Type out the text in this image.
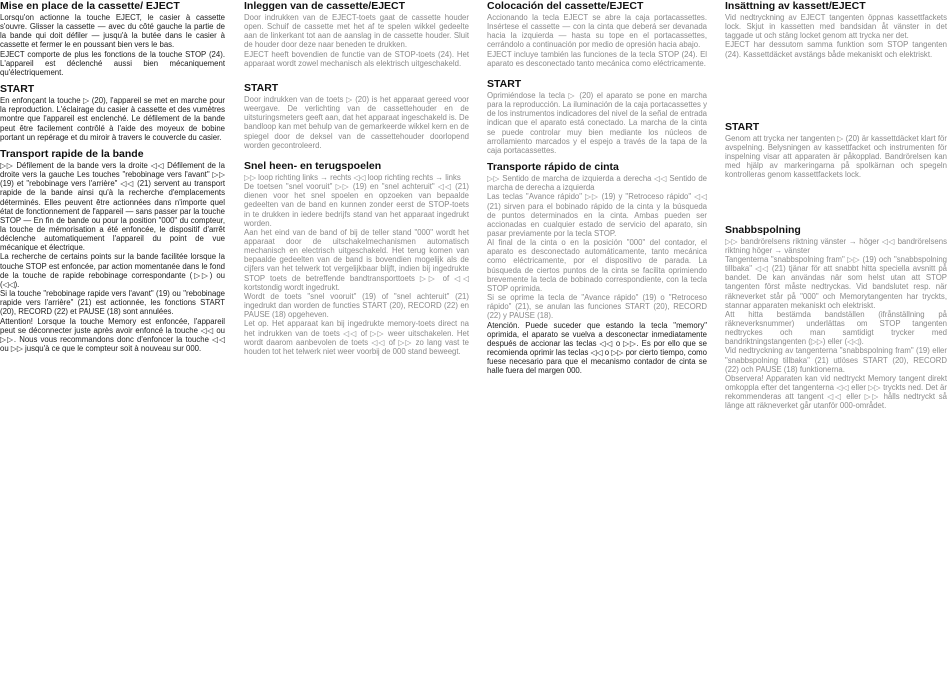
Mise en place de la cassette/ EJECT

Lorsqu'on actionne la touche EJECT, le casier à cassette s'ouvre. Glisser la cassette — avec du côté gauche la partie de la bande qui doit défiler — jusqu'à la butée dans le casier à cassette et fermer le en poussant bien vers le bas.

EJECT comporte de plus les fonctions de la touche STOP (24). L'appareil est déclenché aussi bien mécaniquement qu'électriquement.

START

En enfonçant la touche ▷ (20), l'appareil se met en marche pour la reproduction. L'éclairage du casier à cassette et des vumètres montre que l'appareil est enclenché. Le défilement de la bande peut être facilement contrôlé à l'aide des moyeux de bobine portant un repérage et du miroir à travers le couvercle du casier.

Transport rapide de la bande

▷▷ Défilement de la bande vers la droite ◁◁ Défilement de la droite vers la gauche Les touches "rebobinage vers l'avant" ▷▷ (19) et "rebobinage vers l'arrière" ◁◁ (21) servent au transport rapide de la bande ainsi qu'à la recherche d'emplacements déterminés. Elles peuvent être actionnées dans n'importe quel état de fonctionnement de l'appareil — sans passer par la touche STOP — En fin de bande ou pour la position "000" du compteur, la touche de mémorisation a été enfoncée, le dispositif d'arrêt déclenche automatiquement l'appareil du point de vue mécanique et électrique.

La recherche de certains points sur la bande facilitée lorsque la touche STOP est enfoncée, par action momentanée dans le fond de la touche de rapide rebobinage correspondante (▷▷) ou (◁◁).

Si la touche "rebobinage rapide vers l'avant" (19) ou "rebobinage rapide vers l'arrière" (21) est actionnée, les fonctions START (20), RECORD (22) et PAUSE (18) sont annulées.

Attention! Lorsque la touche Memory est enfoncée, l'appareil peut se déconnecter juste après avoir enfoncé la touche ◁◁ ou ▷▷. Nous vous recommandons donc d'enfoncer la touche ◁◁ ou ▷▷ jusqu'à ce que le compteur soit à nouveau sur 000.

Inleggen van de cassette/EJECT

Door indrukken van de EJECT-toets gaat de cassette houder open. Schuif de cassette met het af te spelen wikkel gedeelte aan de linkerkant tot aan de aanslag in de cassette houder. Sluit de houder door deze naar beneden te drukken.

EJECT heeft bovendien de functie van de STOP-toets (24). Het apparaat wordt zowel mechanisch als elektrisch uitgeschakeld.

START

Door indrukken van de toets ▷ (20) is het apparaat gereed voor weergave. De verlichting van de cassettehouder en de uitsturingsmeters geeft aan, dat het apparaat ingeschakeld is. De bandloop kan met behulp van de gemarkeerde wikkel kern en de spiegel door de deksel van de cassettehouder doorlopend worden gecontroleerd.

Snel heen- en terugspoelen

▷▷ loop richting links → rechts ◁◁ loop richting rechts → links

De toetsen "snel vooruit" ▷▷ (19) en "snel achteruit" ◁◁ (21) dienen voor het snel spoelen en opzoeken van bepaalde gedeelten van de band en kunnen zonder eerst de STOP-toets in te drukken in iedere bedrijfs stand van het apparaat ingedrukt worden.

Aan het eind van de band of bij de teller stand "000" wordt het apparaat door de uitschakelmechanismen automatisch mechanisch en electrisch uitgeschakeld. Het terug komen van bepaalde gedeelten van de band is bovendien mogelijk als de cijfers van het telwerk tot vergelijkbaar blijft, indien bij ingedrukte STOP toets de betreffende bandtransporttoets ▷▷ of ◁◁ kortstondig wordt ingedrukt.

Wordt de toets "snel vooruit" (19) of "snel achteruit" (21) ingedrukt dan worden de functies START (20), RECORD (22) en PAUSE (18) opgeheven.

Let op. Het apparaat kan bij ingedrukte memory-toets direct na het indrukken van de toets ◁◁ of ▷▷ weer uitschakelen. Het wordt daarom aanbevolen de toets ◁◁ of ▷▷ zo lang vast te houden tot het telwerk niet weer voorbij de 000 stand beweegt.

Colocación del cassette/EJECT

Accionando la tecla EJECT se abre la caja portacassettes. Insértese el cassette — con la cinta que deberá ser devanada hacia la izquierda — hasta su tope en el portacassettes, cerrándolo a continuación por medio de opresión hacia abajo.

EJECT incluye también las funciones de la tecla STOP (24). El aparato es desconectado tanto mecánica como eléctricamente.

START

Oprimiéndose la tecla ▷ (20) el aparato se pone en marcha para la reproducción. La iluminación de la caja portacassettes y de los instrumentos indicadores del nivel de la señal de entrada indican que el aparato está conectado. La marcha de la cinta se puede controlar muy bien mediante los núcleos de arrollamiento marcados y el espejo a través de la tapa de la caja portacassettes.

Transporte rápido de cinta

▷▷ Sentido de marcha de izquierda a derecha ◁◁ Sentido de marcha de derecha a izquierda

Las teclas "Avance rápido" ▷▷ (19) y "Retroceso rápido" ◁◁ (21) sirven para el bobinado rápido de la cinta y la búsqueda de puntos determinados en la cinta. Ambas pueden ser accionadas en cualquier estado de servicio del aparato, sin pasar previamente por la tecla STOP.

Al final de la cinta o en la posición "000" del contador, el aparato es desconectado automáticamente, tanto mecánica como eléctricamente, por el dispositivo de parada. La búsqueda de ciertos puntos de la cinta se facilita oprimiendo brevemente la tecla de bobinado correspondiente, con la tecla STOP oprimida.

Si se oprime la tecla de "Avance rápido" (19) o "Retroceso rápido" (21), se anulan las funciones START (20), RECORD (22) y PAUSE (18).

Atención. Puede suceder que estando la tecla "memory" oprimida, el aparato se vuelva a desconectar inmediatamente después de accionar las teclas ◁◁ o ▷▷. Es por ello que se recomienda oprimir las teclas ◁◁ o ▷▷ por cierto tiempo, como fuese necesario para que el mecanismo contador de cinta se halle fuera del margen 000.

Insättning av kassett/EJECT

Vid nedtryckning av EJECT tangenten öppnas kassettfackets lock. Skjut in kassetten med bandsidan åt vänster in det taggade ut och stäng locket genom att trycka ner det.

EJECT har dessutom samma funktion som STOP tangenten (24). Kassettdäcket avstängs både mekaniskt och elektriskt.

START

Genom att trycka ner tangenten ▷ (20) är kassettdäcket klart för avspelning. Belysningen av kassettfacket och instrumenten för inspelning visar att apparaten är påkopplad. Bandrörelsen kan med hjälp av markeringarna på spolkärnan och spegeln kontrolleras genom kassettfackets lock.

Snabbspolning

▷▷ bandrörelsens riktning vänster → höger ◁◁ bandrörelsens riktning höger → vänster

Tangenterna "snabbspolning fram" ▷▷ (19) och "snabbspolning tillbaka" ◁◁ (21) tjänar för att snabbt hitta speciella avsnitt på bandet. De kan användas när som helst utan att STOP tangenten först måste nedtryckas. Vid bandslutet resp. när räkneverket står på "000" och Memorytangenten har tryckts, stannar apparaten mekaniskt och elektriskt.

Att hitta bestämda bandställen (ifrånställning på räkneverksnummer) underlättas om STOP tangenten nedtryckes och man samtidigt trycker med bandriktningstangenten (▷▷) eller (◁◁).

Vid nedtryckning av tangenterna "snabbspolning fram" (19) eller "snabbspolning tillbaka" (21) utlöses START (20), RECORD (22) och PAUSE (18) funktionerna.

Observera! Apparaten kan vid nedtryckt Memory tangent direkt omkoppla efter det tangenterna ◁◁ eller ▷▷ tryckts ned. Det är rekommenderas att tangent ◁◁ eller ▷▷ hålls nedtryckt så länge att räkneverket går utanför 000-området.
